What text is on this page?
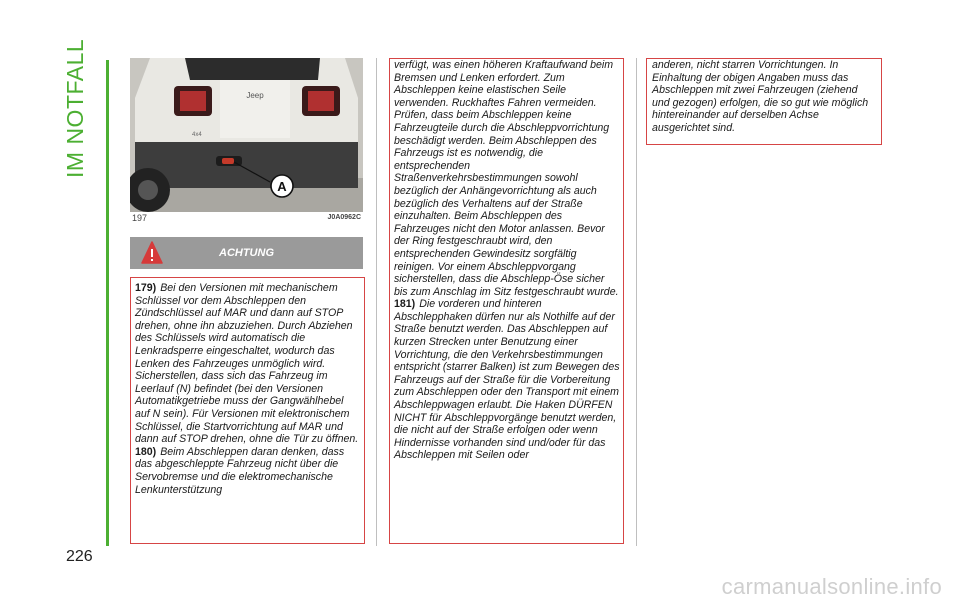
IM NOTFALL
226
Jeep
4x4
A
197	J0A0962C
ACHTUNG

179) Bei den Versionen mit mechanischem Schlüssel vor dem Abschleppen den Zündschlüssel auf MAR und dann auf STOP drehen, ohne ihn abzuziehen. Durch Abziehen des Schlüssels wird automatisch die Lenkradsperre eingeschaltet, wodurch das Lenken des Fahrzeuges unmöglich wird. Sicherstellen, dass sich das Fahrzeug im Leerlauf (N) befindet (bei den Versionen Automatikgetriebe muss der Gangwählhebel auf N sein). Für Versionen mit elektronischem Schlüssel, die Startvorrichtung auf MAR und dann auf STOP drehen, ohne die Tür zu öffnen.

180) Beim Abschleppen daran denken, dass das abgeschleppte Fahrzeug nicht über die Servobremse und die elektromechanische Lenkunterstützung

verfügt, was einen höheren Kraftaufwand beim Bremsen und Lenken erfordert. Zum Abschleppen keine elastischen Seile verwenden. Ruckhaftes Fahren vermeiden. Prüfen, dass beim Abschleppen keine Fahrzeugteile durch die Abschleppvorrichtung beschädigt werden. Beim Abschleppen des Fahrzeugs ist es notwendig, die entsprechenden Straßenverkehrsbestimmungen sowohl bezüglich der Anhängevorrichtung als auch bezüglich des Verhaltens auf der Straße einzuhalten. Beim Abschleppen des Fahrzeuges nicht den Motor anlassen. Bevor der Ring festgeschraubt wird, den entsprechenden Gewindesitz sorgfältig reinigen. Vor einem Abschleppvorgang sicherstellen, dass die Abschlepp-Öse sicher bis zum Anschlag im Sitz festgeschraubt wurde.

181) Die vorderen und hinteren Abschlepphaken dürfen nur als Nothilfe auf der Straße benutzt werden. Das Abschleppen auf kurzen Strecken unter Benutzung einer Vorrichtung, die den Verkehrsbestimmungen entspricht (starrer Balken) ist zum Bewegen des Fahrzeugs auf der Straße für die Vorbereitung zum Abschleppen oder den Transport mit einem Abschleppwagen erlaubt. Die Haken DÜRFEN NICHT für Abschleppvorgänge benutzt werden, die nicht auf der Straße erfolgen oder wenn Hindernisse vorhanden sind und/oder für das Abschleppen mit Seilen oder

anderen, nicht starren Vorrichtungen. In Einhaltung der obigen Angaben muss das Abschleppen mit zwei Fahrzeugen (ziehend und gezogen) erfolgen, die so gut wie möglich hintereinander auf derselben Achse ausgerichtet sind.

carmanualsonline.info
